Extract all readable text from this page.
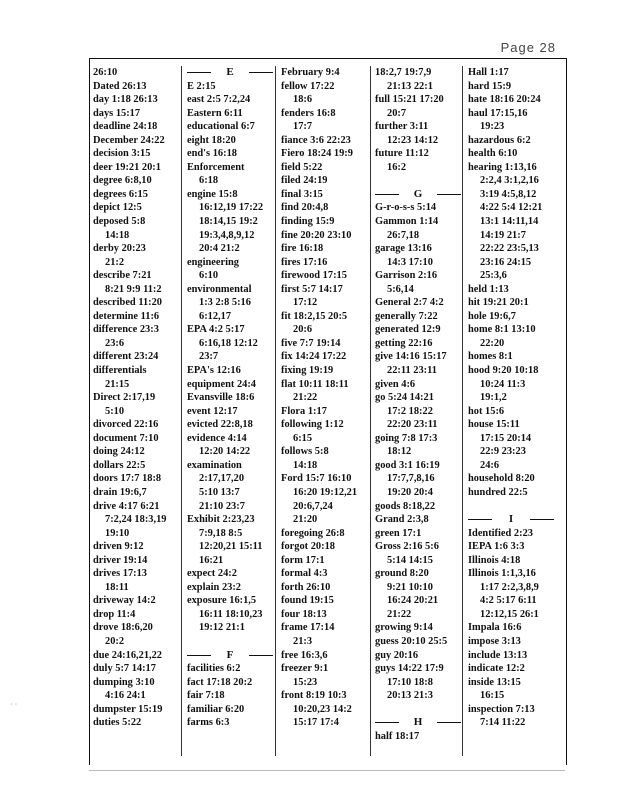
Page 28
26:10
Dated 26:13
day 1:18 26:13
days 15:17
deadline 24:18
December 24:22
decision 3:15
deer 19:21 20:1
degree 6:8,10
degrees 6:15
depict 12:5
deposed 5:8
14:18
derby 20:23
21:2
describe 7:21
8:21 9:9 11:2
described 11:20
determine 11:6
difference 23:3
23:6
different 23:24
differentials
21:15
Direct 2:17,19
5:10
divorced 22:16
document 7:10
doing 24:12
dollars 22:5
doors 17:7 18:8
drain 19:6,7
drive 4:17 6:21
7:2,24 18:3,19
19:10
driven 9:12
driver 19:14
drives 17:13
18:11
driveway 14:2
drop 11:4
drove 18:6,20
20:2
due 24:16,21,22
duly 5:7 14:17
dumping 3:10
4:16 24:1
dumpster 15:19
duties 5:22
E
E 2:15
east 2:5 7:2,24
Eastern 6:11
educational 6:7
eight 18:20
end's 16:18
Enforcement
6:18
engine 15:8
16:12,19 17:22
18:14,15 19:2
19:3,4,8,9,12
20:4 21:2
engineering
6:10
environmental
1:3 2:8 5:16
6:12,17
EPA 4:2 5:17
6:16,18 12:12
23:7
EPA's 12:16
equipment 24:4
Evansville 18:6
event 12:17
evicted 22:8,18
evidence 4:14
12:20 14:22
examination
2:17,17,20
5:10 13:7
21:10 23:7
Exhibit 2:23,23
7:9,18 8:5
12:20,21 15:11
16:21
expect 24:2
explain 23:2
exposure 16:1,5
16:11 18:10,23
19:12 21:1

F
facilities 6:2
fact 17:18 20:2
fair 7:18
familiar 6:20
farms 6:3
February 9:4
fellow 17:22
18:6
fenders 16:8
17:7
fiance 3:6 22:23
Fiero 18:24 19:9
field 5:22
filed 24:19
final 3:15
find 20:4,8
finding 15:9
fine 20:20 23:10
fire 16:18
fires 17:16
firewood 17:15
first 5:7 14:17
17:12
fit 18:2,15 20:5
20:6
five 7:7 19:14
fix 14:24 17:22
fixing 19:19
flat 10:11 18:11
21:22
Flora 1:17
following 1:12
6:15
follows 5:8
14:18
Ford 15:7 16:10
16:20 19:12,21
20:6,7,24
21:20
foregoing 26:8
forgot 20:18
form 17:1
formal 4:3
forth 26:10
found 19:15
four 18:13
frame 17:14
21:3
free 16:3,6
freezer 9:1
15:23
front 8:19 10:3
10:20,23 14:2
15:17 17:4
18:2,7 19:7,9
21:13 22:1
full 15:21 17:20
20:7
further 3:11
12:23 14:12
future 11:12
16:2

G
G-r-o-s-s 5:14
Gammon 1:14
26:7,18
garage 13:16
14:3 17:10
Garrison 2:16
5:6,14
General 2:7 4:2
generally 7:22
generated 12:9
getting 22:16
give 14:16 15:17
22:11 23:11
given 4:6
go 5:24 14:21
17:2 18:22
22:20 23:11
going 7:8 17:3
18:12
good 3:1 16:19
17:7,7,8,16
19:20 20:4
goods 8:18,22
Grand 2:3,8
green 17:1
Gross 2:16 5:6
5:14 14:15
ground 8:20
9:21 10:10
16:24 20:21
21:22
growing 9:14
guess 20:10 25:5
guy 20:16
guys 14:22 17:9
17:10 18:8
20:13 21:3

H
half 18:17
Hall 1:17
hard 15:9
hate 18:16 20:24
haul 17:15,16
19:23
hazardous 6:2
health 6:10
hearing 1:13,16
2:2,4 3:1,2,16
3:19 4:5,8,12
4:22 5:4 12:21
13:1 14:11,14
14:19 21:7
22:22 23:5,13
23:16 24:15
25:3,6
held 1:13
hit 19:21 20:1
hole 19:6,7
home 8:1 13:10
22:20
homes 8:1
hood 9:20 10:18
10:24 11:3
19:1,2
hot 15:6
house 15:11
17:15 20:14
22:9 23:23
24:6
household 8:20
hundred 22:5

I
Identified 2:23
IEPA 1:6 3:3
Illinois 4:18
Illinois 1:1,3,16
1:17 2:2,3,8,9
4:2 5:17 6:11
12:12,15 26:1
Impala 16:6
impose 3:13
include 13:13
indicate 12:2
inside 13:15
16:15
inspection 7:13
7:14 11:22
· ·
